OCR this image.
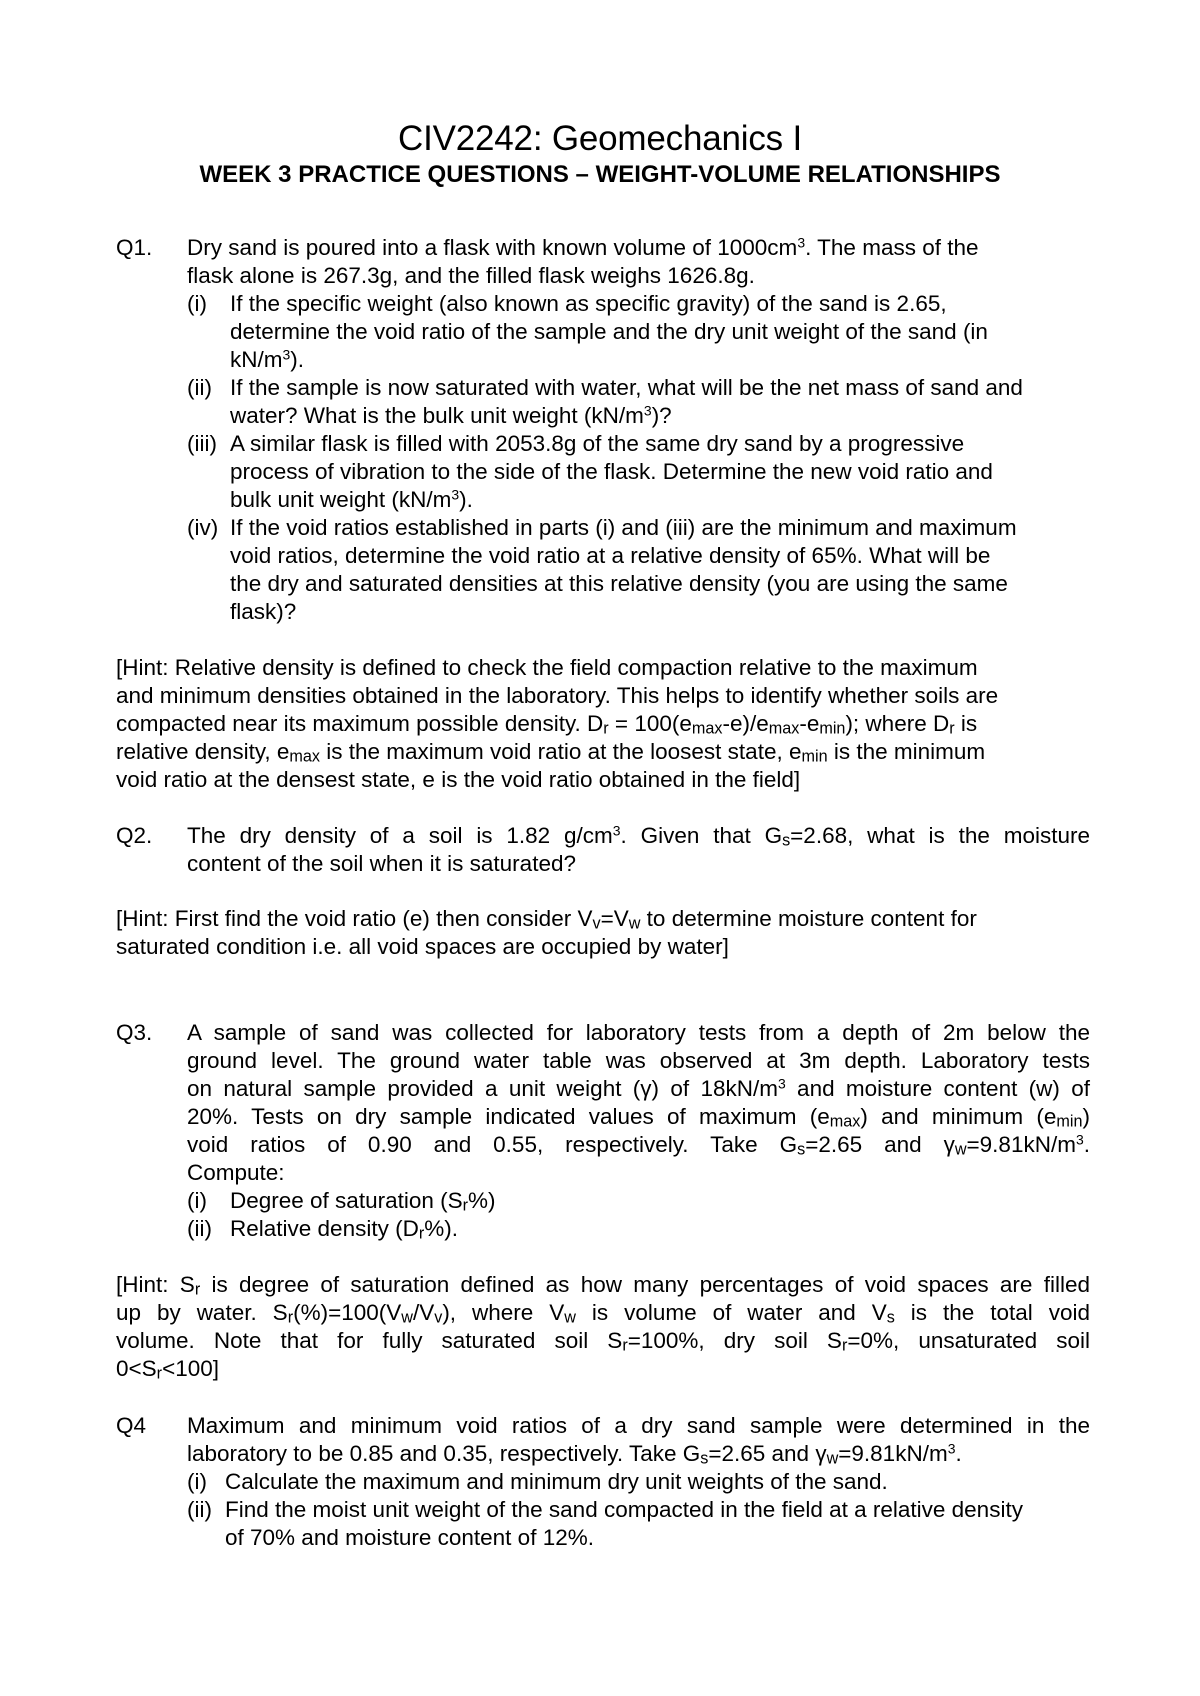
CIV2242: Geomechanics I
WEEK 3 PRACTICE QUESTIONS – WEIGHT-VOLUME RELATIONSHIPS
Q1. Dry sand is poured into a flask with known volume of $1000cm^3$. The mass of the
flask alone is 267.3g, and the filled flask weighs 1626.8g.
(i) If the specific weight (also known as specific gravity) of the sand is 2.65,
determine the void ratio of the sample and the dry unit weight of the sand (in
$kN/m^3$).
(ii) If the sample is now saturated with water, what will be the net mass of sand and
water? What is the bulk unit weight $(kN/m^3)$?
(iii) A similar flask is filled with 2053.8g of the same dry sand by a progressive
process of vibration to the side of the flask. Determine the new void ratio and
bulk unit weight $(kN/m^3)$.
(iv) If the void ratios established in parts (i) and (iii) are the minimum and maximum
void ratios, determine the void ratio at a relative density of 65%. What will be
the dry and saturated densities at this relative density (you are using the same
flask)?
[Hint: Relative density is defined to check the field compaction relative to the maximum
and minimum densities obtained in the laboratory. This helps to identify whether soils are
compacted near its maximum possible density. Dr = 100(emax-e)/emax-emin); where Dr is
relative density, emax is the maximum void ratio at the loosest state, emin is the minimum
void ratio at the densest state, e is the void ratio obtained in the field]
Q2. The dry density of a soil is 1.82 $g/cm^3$. Given that Gs=2.68, what is the moisture
content of the soil when it is saturated?
[Hint: First find the void ratio (e) then consider Vv=Vw to determine moisture content for
saturated condition i.e. all void spaces are occupied by water]
Q3. A sample of sand was collected for laboratory tests from a depth of 2m below the
ground level. The ground water table was observed at 3m depth. Laboratory tests
on natural sample provided a unit weight (γ) of $18kN/m^3$ and moisture content (w) of
20%. Tests on dry sample indicated values of maximum (emax) and minimum (emin)
void ratios of 0.90 and 0.55, respectively. Take Gs=2.65 and $\gamma w=9.81kN/m^3$.
Compute:
(i) Degree of saturation (Sr%)
(ii) Relative density (Dr%).
[Hint: Sr is degree of saturation defined as how many percentages of void spaces are filled
up by water. Sr(%)=100(Vw/Vv), where Vw is volume of water and Vs is the total void
volume. Note that for fully saturated soil Sr=100%, dry soil Sr=0%, unsaturated soil
0<Sr<100]
Q4 Maximum and minimum void ratios of a dry sand sample were determined in the
laboratory to be 0.85 and 0.35, respectively. Take Gs=2.65 and $\gamma w=9.81kN/m^3$.
(i) Calculate the maximum and minimum dry unit weights of the sand.
(ii) Find the moist unit weight of the sand compacted in the field at a relative density
of 70% and moisture content of 12%.
